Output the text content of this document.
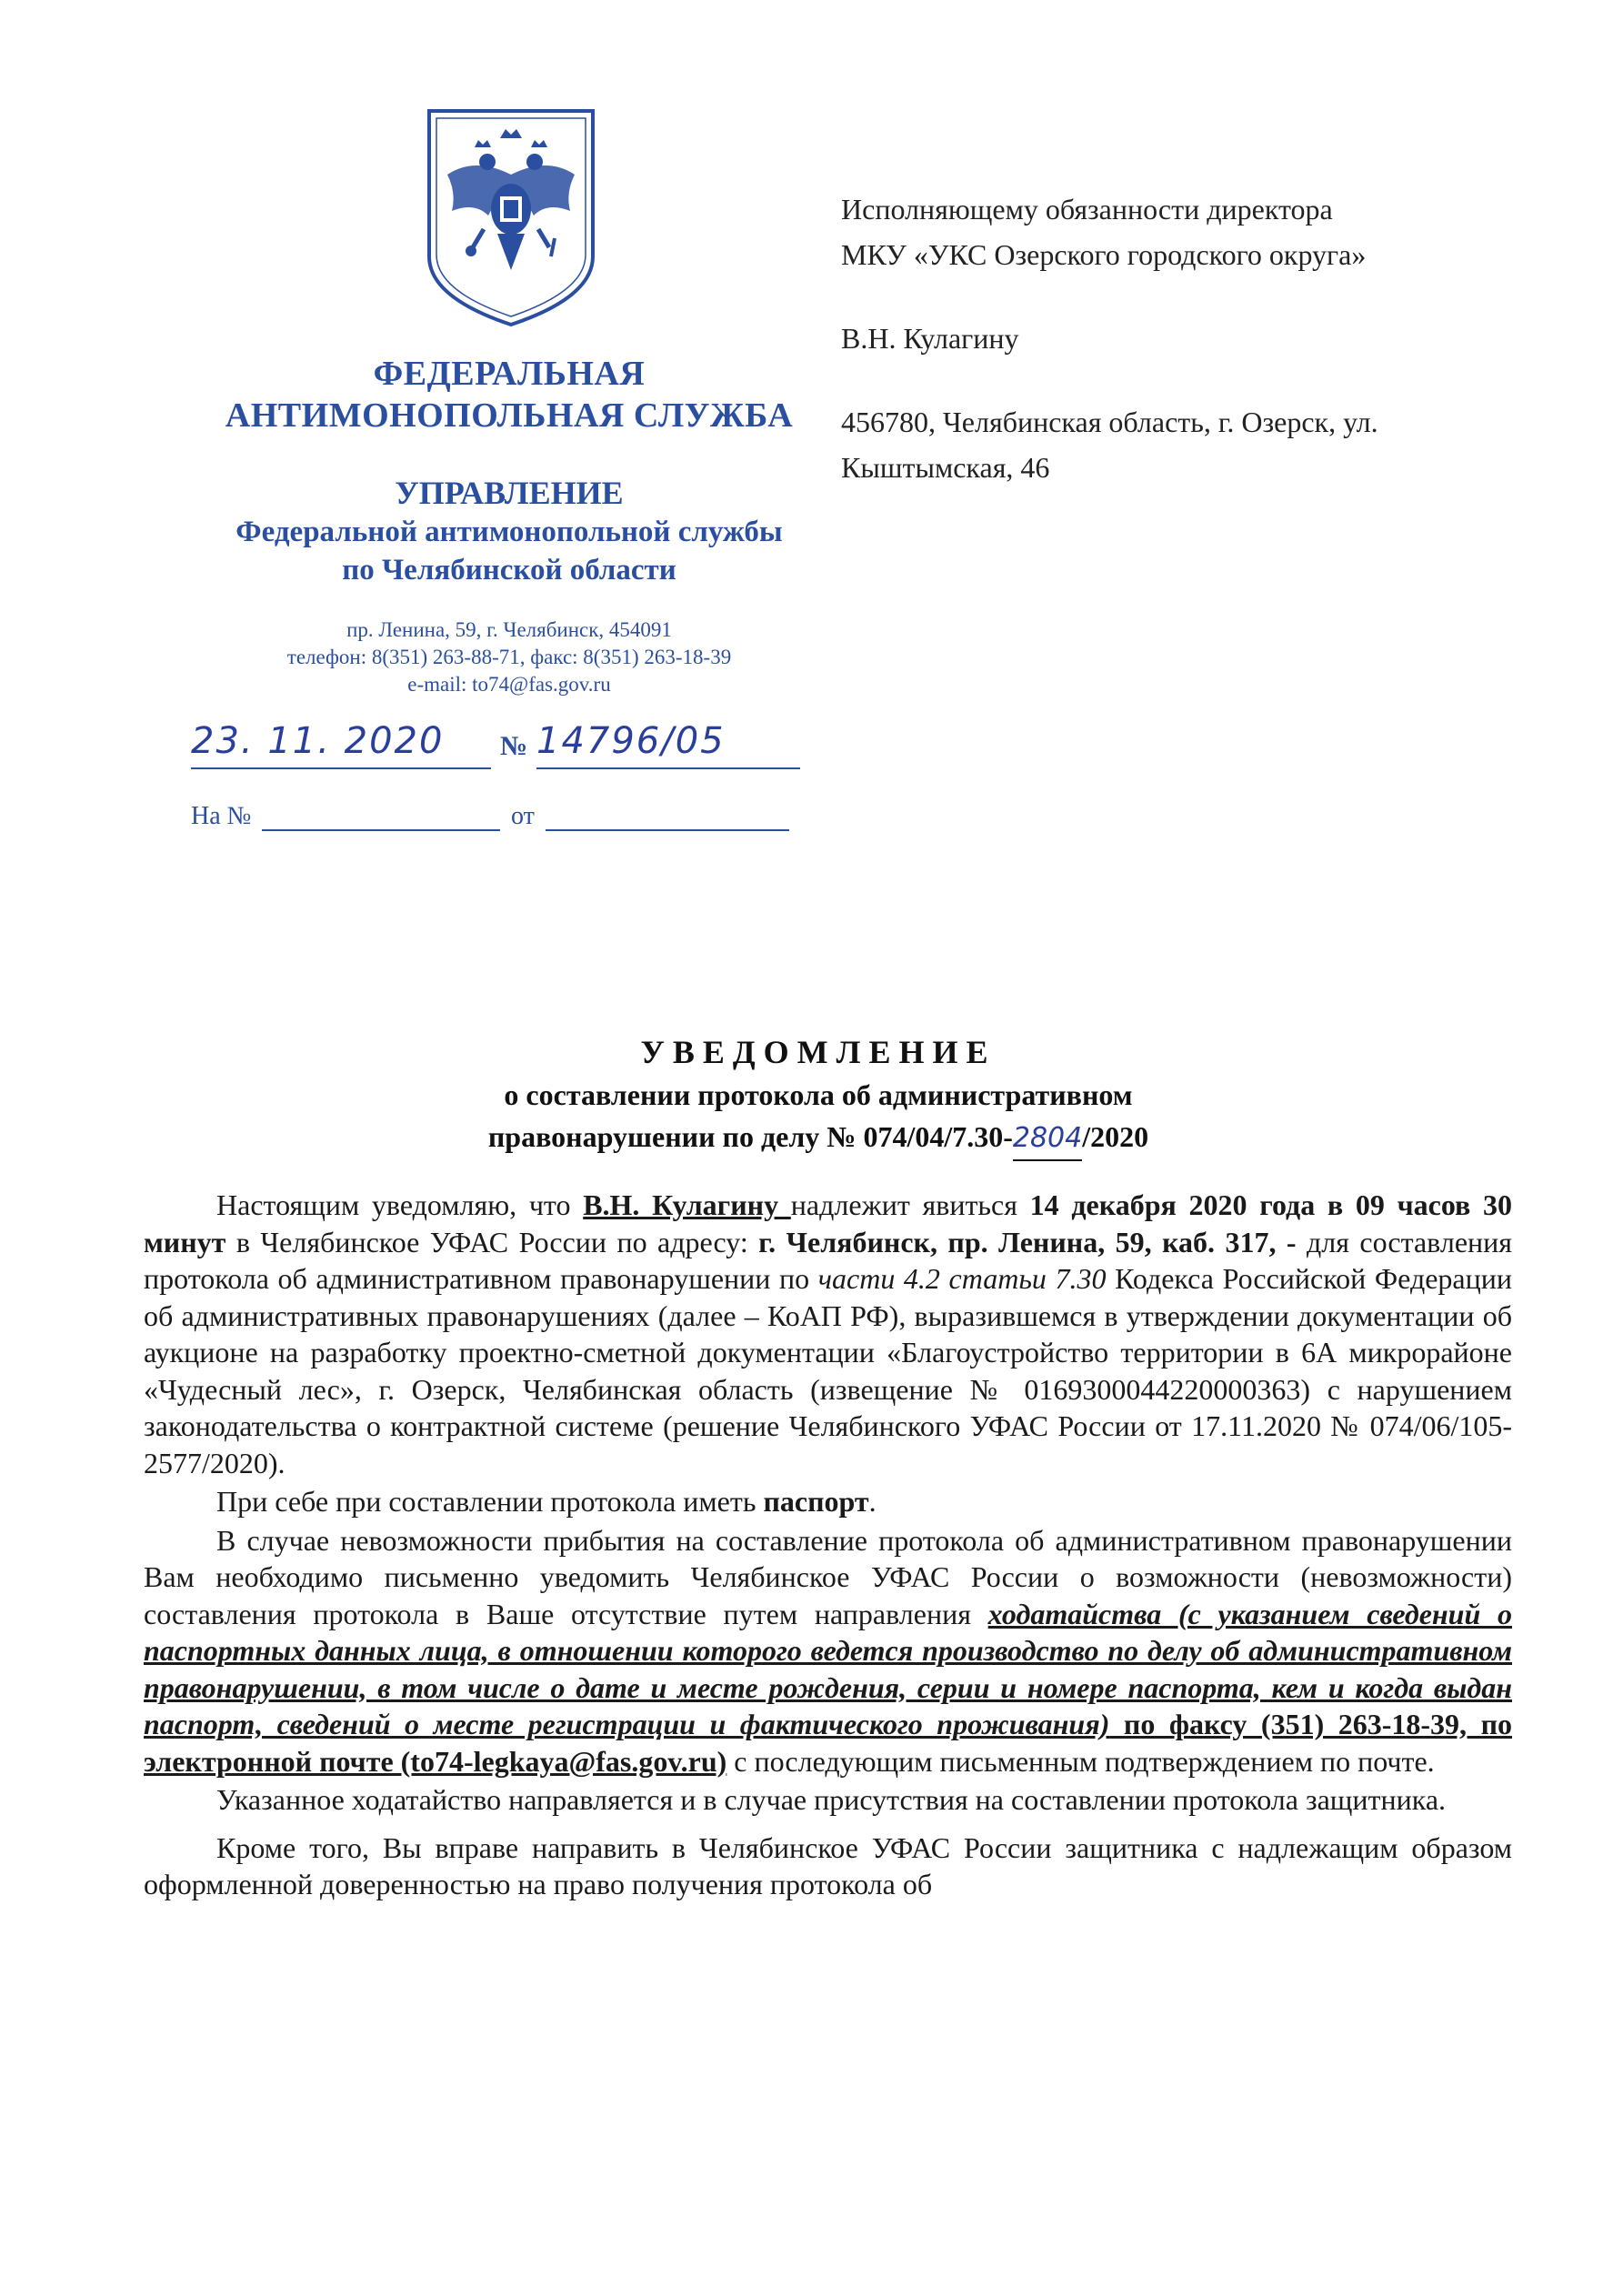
ФЕДЕРАЛЬНАЯ
АНТИМОНОПОЛЬНАЯ СЛУЖБА
УПРАВЛЕНИЕ
Федеральной антимонопольной службы
по Челябинской области
пр. Ленина, 59, г. Челябинск, 454091
телефон: 8(351) 263-88-71, факс: 8(351) 263-18-39
e-mail: to74@fas.gov.ru
23. 11. 2020	№ 14796/05
На №	от

Исполняющему обязанности директора

МКУ «УКС Озерского городского округа»

В.Н. Кулагину

456780, Челябинская область, г. Озерск, ул.

Кыштымская, 46

УВЕДОМЛЕНИЕ
о составлении протокола об административном
правонарушении по делу № 074/04/7.30-2804/2020

Настоящим уведомляю, что В.Н. Кулагину надлежит явиться 14 декабря 2020 года в 09 часов 30 минут в Челябинское УФАС России по адресу: г. Челябинск, пр. Ленина, 59, каб. 317, - для составления протокола об административном правонарушении по части 4.2 статьи 7.30 Кодекса Российской Федерации об административных правонарушениях (далее – КоАП РФ), выразившемся в утверждении документации об аукционе на разработку проектно-сметной документации «Благоустройство территории в 6А микрорайоне «Чудесный лес», г. Озерск, Челябинская область (извещение № 0169300044220000363) с нарушением законодательства о контрактной системе (решение Челябинского УФАС России от 17.11.2020 № 074/06/105-2577/2020).

При себе при составлении протокола иметь паспорт.

В случае невозможности прибытия на составление протокола об административном правонарушении Вам необходимо письменно уведомить Челябинское УФАС России о возможности (невозможности) составления протокола в Ваше отсутствие путем направления ходатайства (с указанием сведений о паспортных данных лица, в отношении которого ведется производство по делу об административном правонарушении, в том числе о дате и месте рождения, серии и номере паспорта, кем и когда выдан паспорт, сведений о месте регистрации и фактического проживания) по факсу (351) 263-18-39, по электронной почте (to74-legkaya@fas.gov.ru) с последующим письменным подтверждением по почте.

Указанное ходатайство направляется и в случае присутствия на составлении протокола защитника.

Кроме того, Вы вправе направить в Челябинское УФАС России защитника с надлежащим образом оформленной доверенностью на право получения протокола об
